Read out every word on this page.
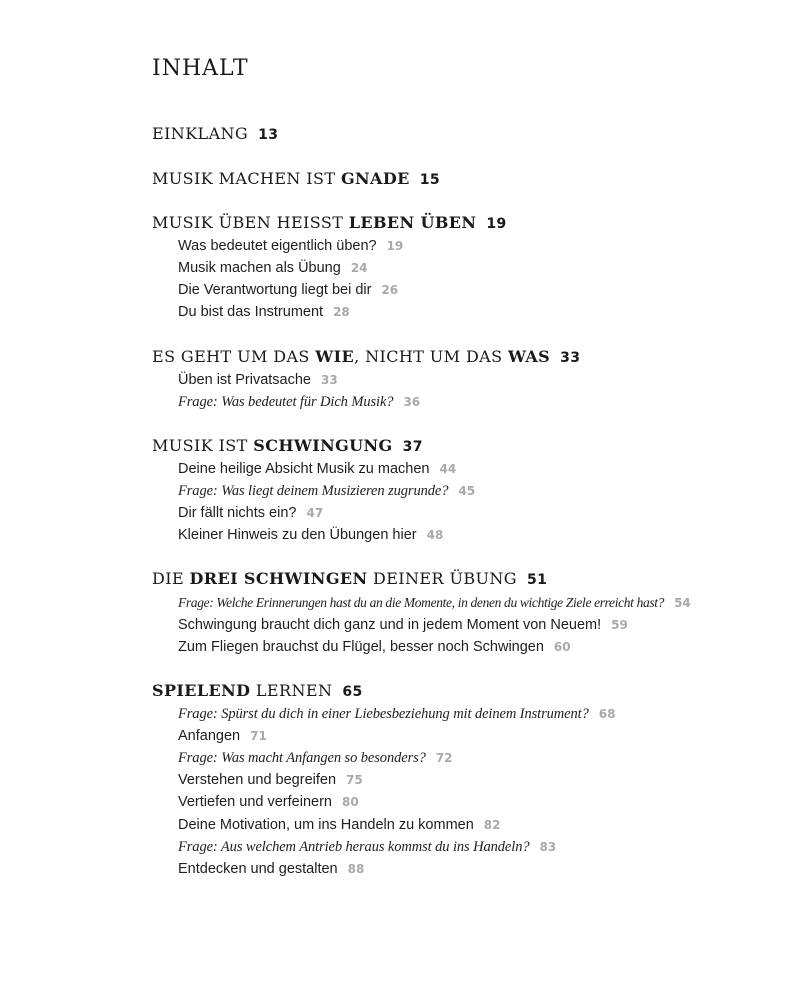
INHALT
EINKLANG 13
MUSIK MACHEN IST GNADE 15
MUSIK ÜBEN HEISST LEBEN ÜBEN 19
Was bedeutet eigentlich üben? 19
Musik machen als Übung 24
Die Verantwortung liegt bei dir 26
Du bist das Instrument 28
ES GEHT UM DAS WIE, NICHT UM DAS WAS 33
Üben ist Privatsache 33
Frage: Was bedeutet für Dich Musik? 36
MUSIK IST SCHWINGUNG 37
Deine heilige Absicht Musik zu machen 44
Frage: Was liegt deinem Musizieren zugrunde? 45
Dir fällt nichts ein? 47
Kleiner Hinweis zu den Übungen hier 48
DIE DREI SCHWINGEN DEINER ÜBUNG 51
Frage: Welche Erinnerungen hast du an die Momente, in denen du wichtige Ziele erreicht hast? 54
Schwingung braucht dich ganz und in jedem Moment von Neuem! 59
Zum Fliegen brauchst du Flügel, besser noch Schwingen 60
SPIELEND LERNEN 65
Frage: Spürst du dich in einer Liebesbeziehung mit deinem Instrument? 68
Anfangen 71
Frage: Was macht Anfangen so besonders? 72
Verstehen und begreifen 75
Vertiefen und verfeinern 80
Deine Motivation, um ins Handeln zu kommen 82
Frage: Aus welchem Antrieb heraus kommst du ins Handeln? 83
Entdecken und gestalten 88
